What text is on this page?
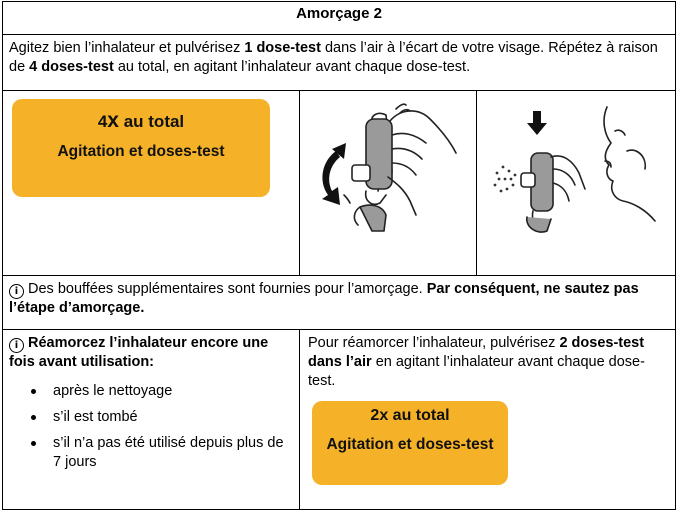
Amorçage 2
Agitez bien l’inhalateur et pulvérisez 1 dose-test dans l’air à l’écart de votre visage. Répétez à raison de 4 doses-test au total, en agitant l’inhalateur avant chaque dose-test.
4x au total
Agitation et doses-test
i Des bouffées supplémentaires sont fournies pour l’amorçage. Par conséquent, ne sautez pas l’étape d’amorçage.
i Réamorcez l’inhalateur encore une fois avant utilisation:
après le nettoyage
s’il est tombé
s’il n’a pas été utilisé depuis plus de 7 jours
Pour réamorcer l’inhalateur, pulvérisez 2 doses-test dans l’air en agitant l’inhalateur avant chaque dose-test.
2x au total
Agitation et doses-test
